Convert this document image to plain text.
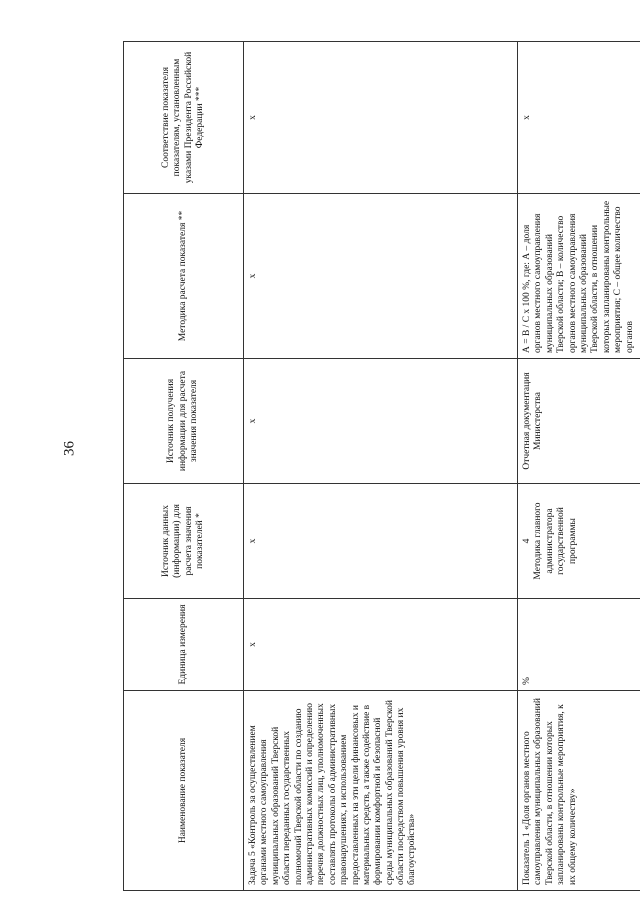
36
Наименование показателя	Единица измерения	Источник данных (информации) для расчета значения показателей *	Источник получения информации для расчета значения показателя	Методика расчета показателя **	Соответствие показателя показателям, установленным указами Президента Российской Федерации ***
Задача 5 «Контроль за осуществлением органами местного самоуправления муниципальных образований Тверской области переданных государственных полномочий Тверской области по созданию административных комиссий и определению перечня должностных лиц, уполномоченных составлять протоколы об административных правонарушениях, и использованием предоставленных на эти цели финансовых и материальных средств, а также содействие в формировании комфортной и безопасной среды муниципальных образований Тверской области посредством повышения уровня их благоустройства»	х	х	х	х	х
Показатель 1 «Доля органов местного самоуправления муниципальных образований Тверской области, в отношении которых запланированы контрольные мероприятия, к их общему количеству»	%	4 Методика главного администратора государственной программы	Отчетная документация Министерства	А = В / С х 100 %, где: А – доля органов местного самоуправления муниципальных образований Тверской области; В – количество органов местного самоуправления муниципальных образований Тверской области, в отношении которых запланированы контрольные мероприятия; С – общее количество органов	х
